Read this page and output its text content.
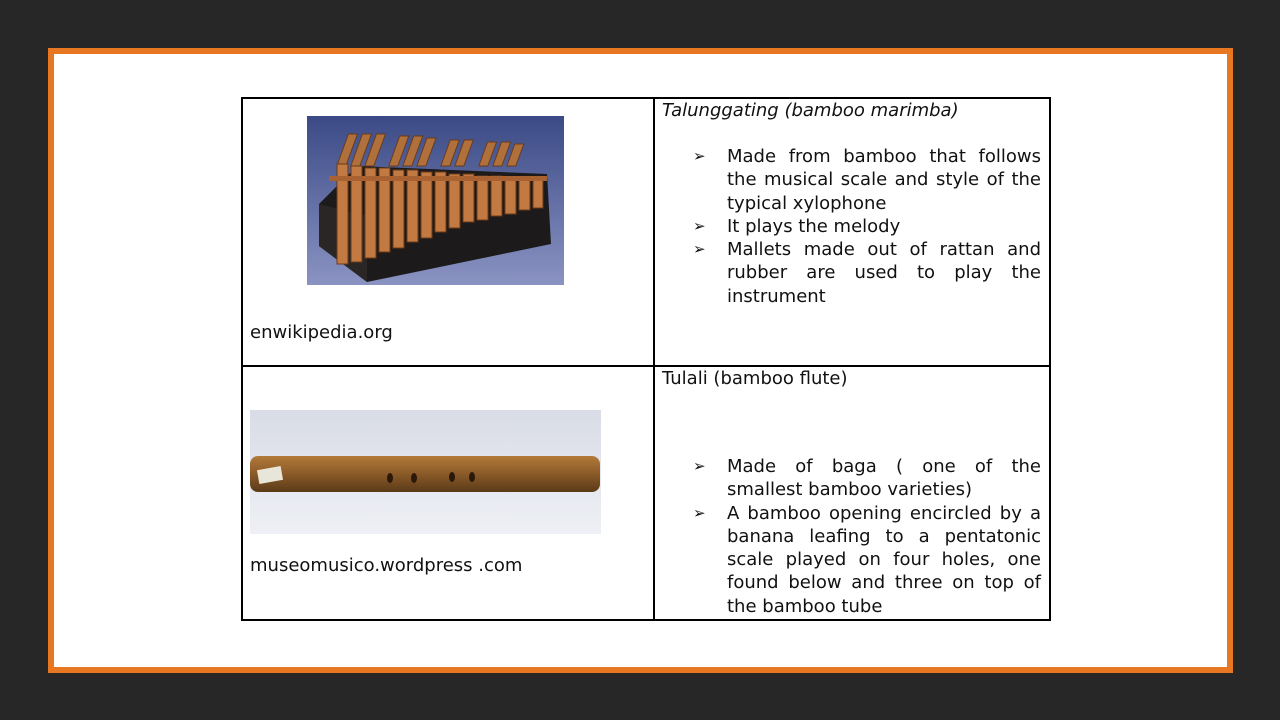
enwikipedia.org
Talunggating (bamboo marimba)
➢ Made from bamboo that follows the musical scale and style of the typical xylophone
➢ It plays the melody
➢ Mallets made out of rattan and rubber are used to play the instrument
museomusico.wordpress .com
Tulali (bamboo flute)
➢ Made of baga ( one of the smallest bamboo varieties)
➢ A bamboo opening encircled by a banana leafing to a pentatonic scale played on four holes, one found below and three on top of the bamboo tube
